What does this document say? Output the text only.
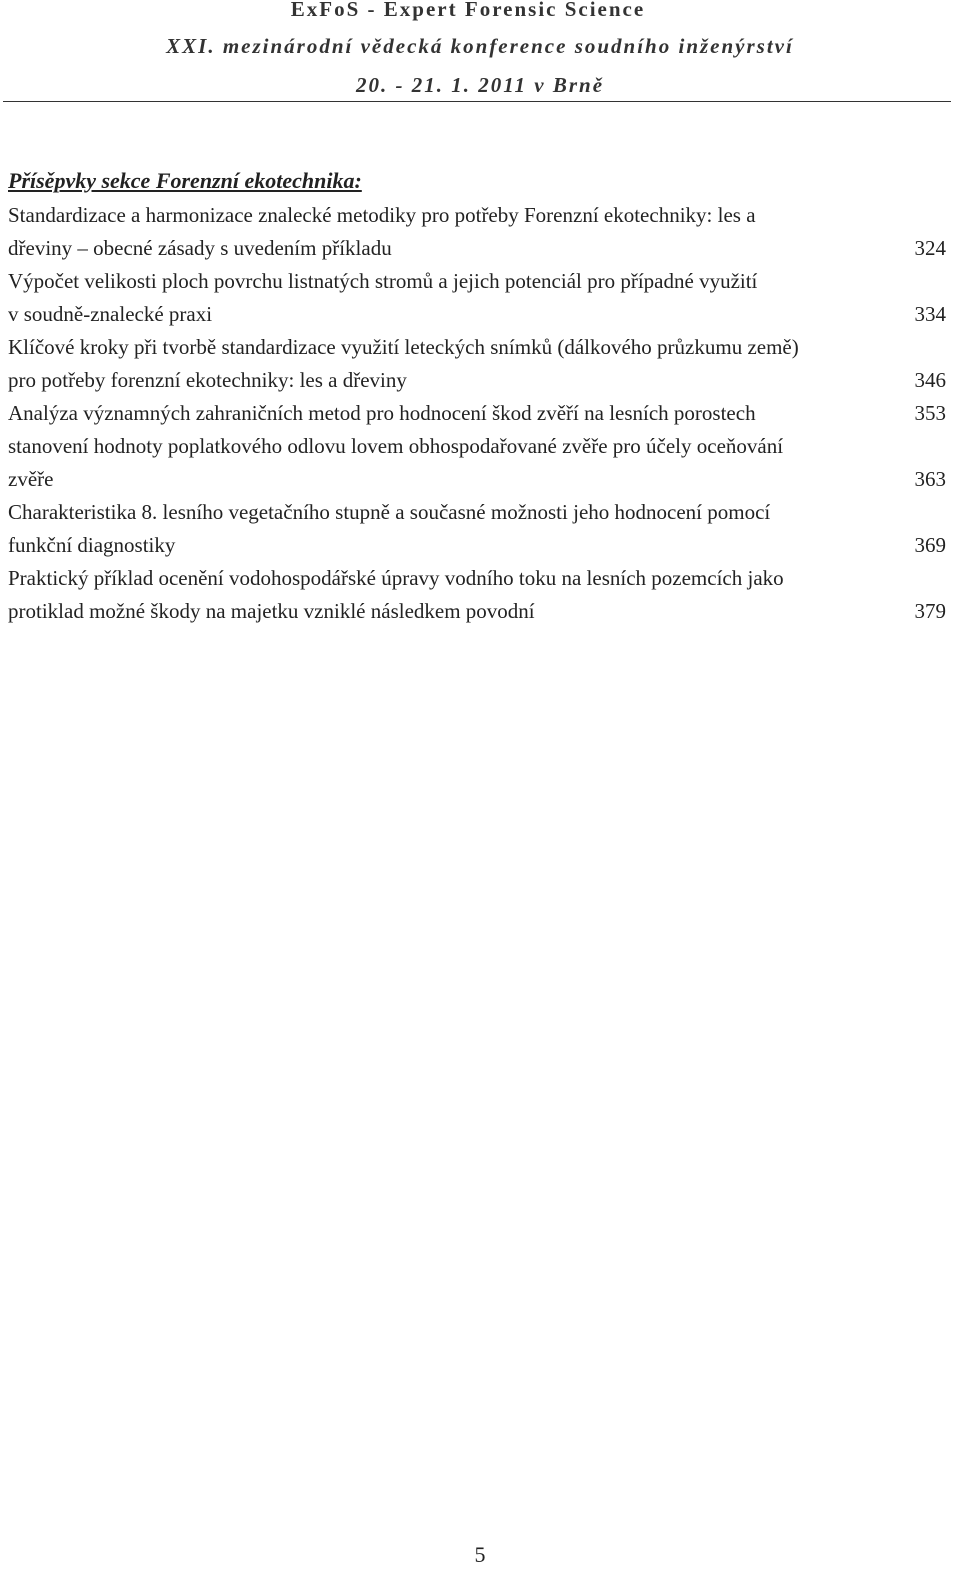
ExFoS - Expert Forensic Science
XXI. mezinárodní vědecká konference soudního inženýrství
20. - 21. 1. 2011 v Brně
Přísěpvky sekce Forenzní ekotechnika:
Standardizace a harmonizace znalecké metodiky pro potřeby Forenzní ekotechniky: les a
dřeviny – obecné zásady s uvedením příkladu	324
Výpočet velikosti ploch povrchu listnatých stromů a jejich potenciál pro případné využití
v soudně-znalecké praxi	334
Klíčové kroky při tvorbě standardizace využití leteckých snímků (dálkového průzkumu země)
pro potřeby forenzní ekotechniky: les a dřeviny	346
Analýza významných zahraničních metod pro hodnocení škod zvěří na lesních porostech	353
stanovení hodnoty poplatkového odlovu lovem obhospodařované zvěře pro účely oceňování
zvěře	363
Charakteristika 8. lesního vegetačního stupně a současné možnosti jeho hodnocení pomocí
funkční diagnostiky	369
Praktický příklad ocenění vodohospodářské úpravy vodního toku na lesních pozemcích jako
protiklad možné škody na majetku vzniklé následkem povodní	379
5
